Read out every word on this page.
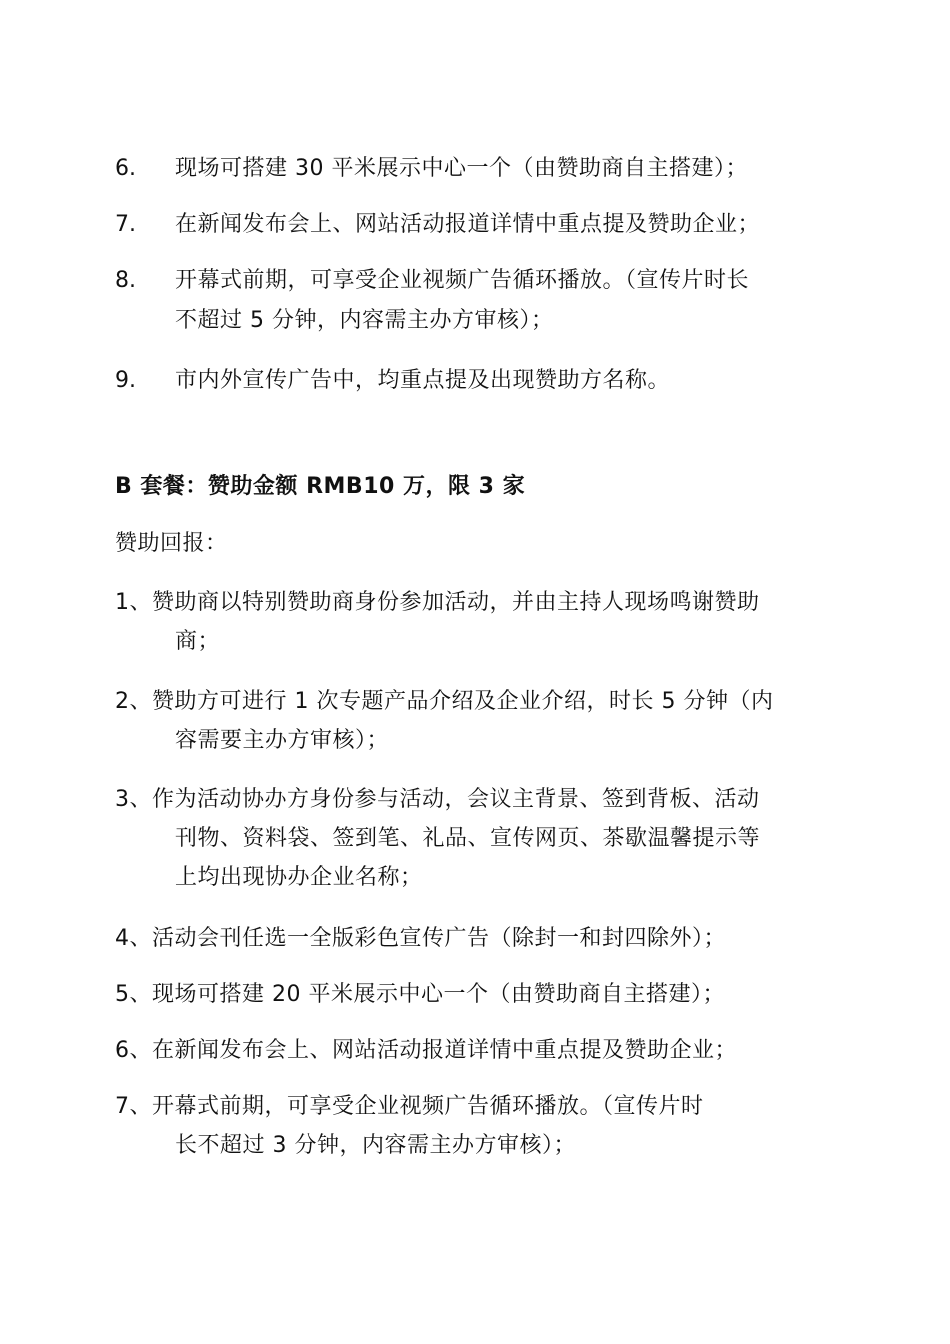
6. 现场可搭建 30 平米展示中心一个（由赞助商自主搭建）；
7. 在新闻发布会上、网站活动报道详情中重点提及赞助企业；
8. 开幕式前期，可享受企业视频广告循环播放。（宣传片时长
不超过 5 分钟，内容需主办方审核）；
9. 市内外宣传广告中，均重点提及出现赞助方名称。
B 套餐：赞助金额 RMB10 万，限 3 家
赞助回报：
1、赞助商以特别赞助商身份参加活动，并由主持人现场鸣谢赞助
商；
2、赞助方可进行 1 次专题产品介绍及企业介绍，时长 5 分钟（内
容需要主办方审核）；
3、作为活动协办方身份参与活动，会议主背景、签到背板、活动
刊物、资料袋、签到笔、礼品、宣传网页、茶歇温馨提示等
上均出现协办企业名称；
4、活动会刊任选一全版彩色宣传广告（除封一和封四除外）；
5、现场可搭建 20 平米展示中心一个（由赞助商自主搭建）；
6、在新闻发布会上、网站活动报道详情中重点提及赞助企业；
7、开幕式前期，可享受企业视频广告循环播放。（宣传片时
长不超过 3 分钟，内容需主办方审核）；
